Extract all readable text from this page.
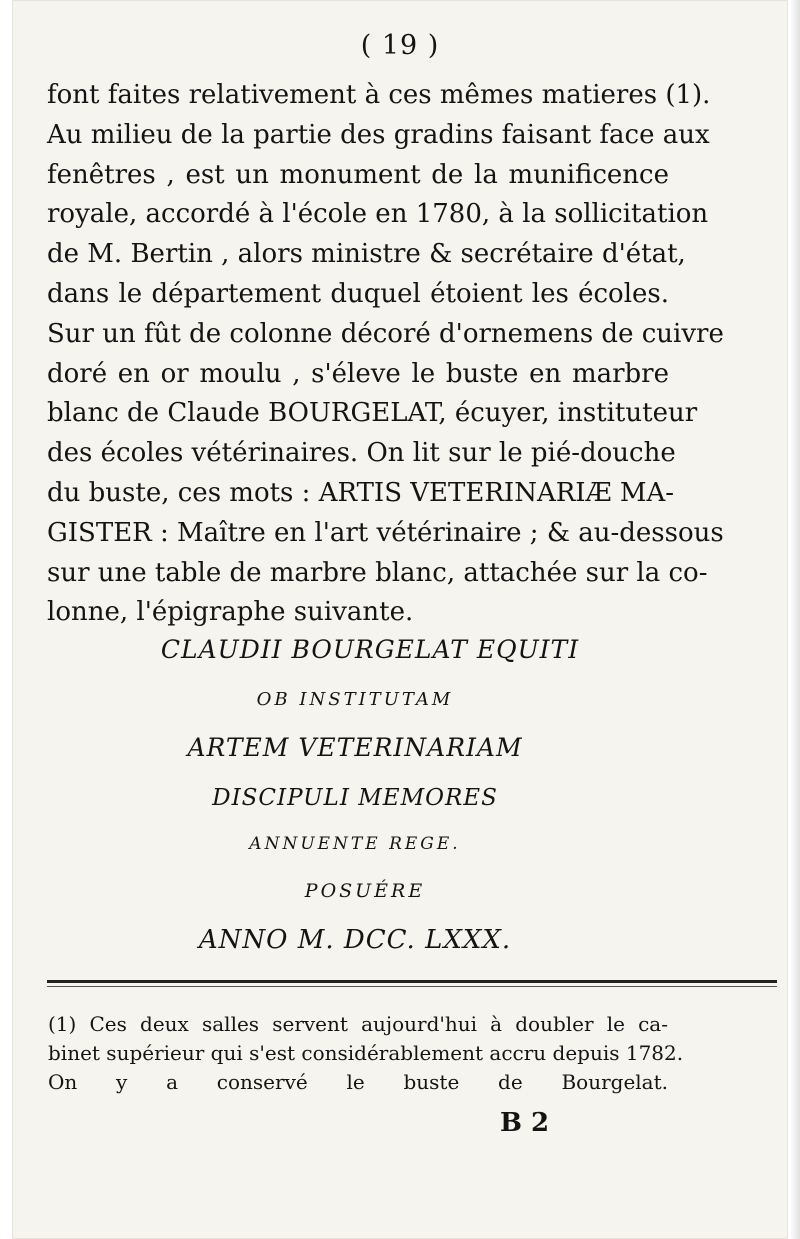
( 19 )
font faites relativement à ces mêmes matieres (1).
Au milieu de la partie des gradins faisant face aux
fenêtres , est un monument de la munificence
royale, accordé à l'école en 1780, à la sollicitation
de M. Bertin , alors ministre & secrétaire d'état,
dans le département duquel étoient les écoles.
Sur un fût de colonne décoré d'ornemens de cuivre
doré en or moulu , s'éleve le buste en marbre
blanc de Claude BOURGELAT, écuyer, instituteur
des écoles vétérinaires. On lit sur le pié-douche
du buste, ces mots : ARTIS VETERINARIÆ MA-
GISTER : Maître en l'art vétérinaire ; & au-dessous
sur une table de marbre blanc, attachée sur la co-
lonne, l'épigraphe suivante.
CLAUDII BOURGELAT EQUITI
OB INSTITUTAM
ARTEM VETERINARIAM
DISCIPULI MEMORES
ANNUENTE REGE.
POSUÉRE
ANNO M. DCC. LXXX.
(1) Ces deux salles servent aujourd'hui à doubler le ca-
binet supérieur qui s'est considérablement accru depuis 1782.
On y a conservé le buste de Bourgelat.
B 2
